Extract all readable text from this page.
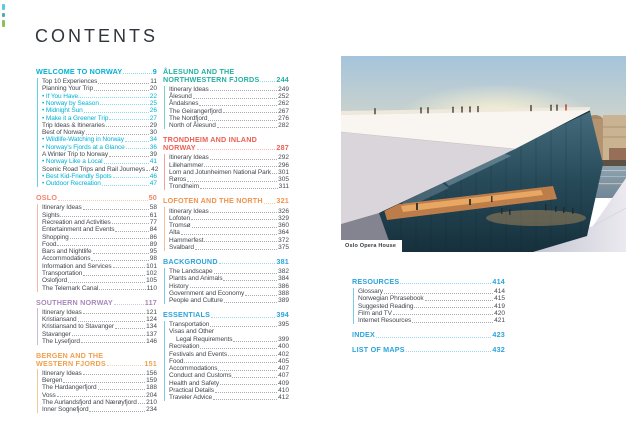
CONTENTS
WELCOME TO NORWAY	9
Top 10 Experiences	11
Planning Your Trip	20
• If You Have...	22
• Norway by Season	25
• Midnight Sun	26
• Make it a Greener Trip	27
Trip Ideas & Itineraries	29
Best of Norway	30
• Wildlife-Watching in Norway	34
• Norway's Fjords at a Glance	36
A Winter Trip to Norway	39
• Norway Like a Local	41
Scenic Road Trips and Rail Journeys 42
• Best Kid-Friendly Spots	46
• Outdoor Recreation	47
OSLO	50
Itinerary Ideas	58
Sights	61
Recreation and Activities	77
Entertainment and Events	84
Shopping	86
Food	89
Bars and Nightlife	95
Accommodations	98
Information and Services	101
Transportation	102
Oslofjord	105
The Telemark Canal	110
SOUTHERN NORWAY	117
Itinerary Ideas	121
Kristiansand	124
Kristiansand to Stavanger	134
Stavanger	137
The Lysefjord	146
BERGEN AND THE
WESTERN FJORDS	151
Itinerary Ideas	156
Bergen	159
The Hardangerfjord	188
Voss	204
The Aurlandsfjord and Nærøyfjord 210
Inner Sognefjord	234
ÅLESUND AND THE
NORTHWESTERN FJORDS 244
Itinerary Ideas	249
Ålesund	252
Åndalsnes	262
The Geirangerfjord	267
The Nordfjord	276
North of Ålesund	282
TRONDHEIM AND INLAND
NORWAY	287
Itinerary Ideas	292
Lillehammer	296
Lom and Jotunheimen National Park 301
Røros	305
Trondheim	311
LOFOTEN AND THE NORTH 321
Itinerary Ideas	326
Lofoten	329
Tromsø	360
Alta	364
Hammerfest	372
Svalbard	375
BACKGROUND	381
The Landscape	382
Plants and Animals	384
History	386
Government and Economy	388
People and Culture	389
ESSENTIALS	394
Transportation	395
Visas and Other
Legal Requirements	399
Recreation	400
Festivals and Events	402
Food	405
Accommodations	407
Conduct and Customs	407
Health and Safety	409
Practical Details	410
Traveler Advice	412
RESOURCES	414
Glossary	414
Norwegian Phrasebook	415
Suggested Reading	419
Film and TV	420
Internet Resources	421
INDEX	423
LIST OF MAPS	432
Oslo Opera House
